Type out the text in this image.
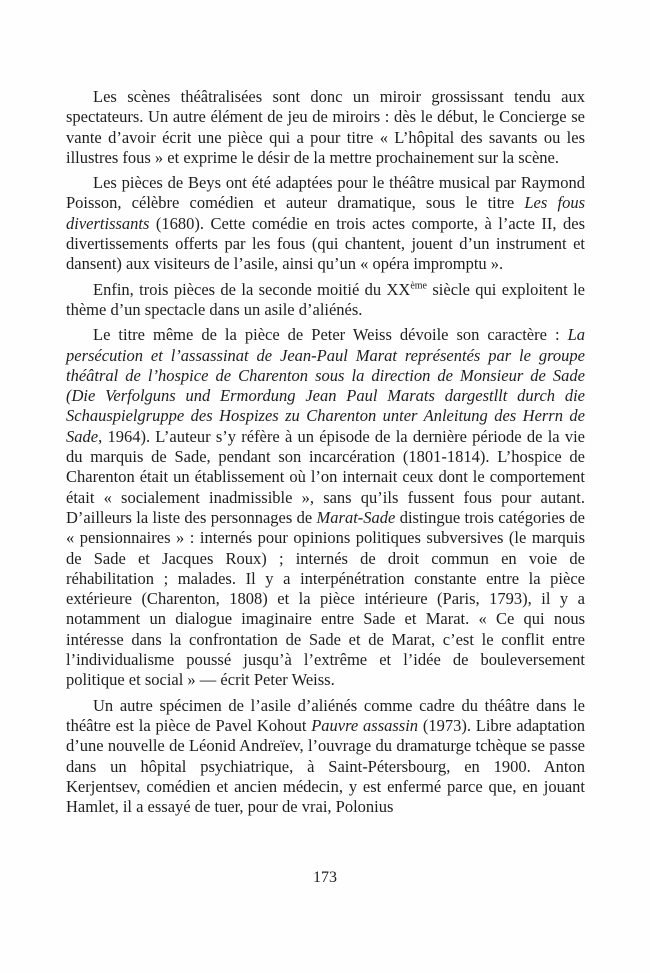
Les scènes théâtralisées sont donc un miroir grossissant tendu aux spectateurs. Un autre élément de jeu de miroirs : dès le début, le Concierge se vante d’avoir écrit une pièce qui a pour titre « L’hôpital des savants ou les illustres fous » et exprime le désir de la mettre prochainement sur la scène.

Les pièces de Beys ont été adaptées pour le théâtre musical par Raymond Poisson, célèbre comédien et auteur dramatique, sous le titre Les fous divertissants (1680). Cette comédie en trois actes comporte, à l’acte II, des divertissements offerts par les fous (qui chantent, jouent d’un instrument et dansent) aux visiteurs de l’asile, ainsi qu’un « opéra impromptu ».

Enfin, trois pièces de la seconde moitié du XXème siècle qui exploitent le thème d’un spectacle dans un asile d’aliénés.

Le titre même de la pièce de Peter Weiss dévoile son caractère : La persécution et l’assassinat de Jean-Paul Marat représentés par le groupe théâtral de l’hospice de Charenton sous la direction de Monsieur de Sade (Die Verfolguns und Ermordung Jean Paul Marats dargestllt durch die Schauspielgruppe des Hospizes zu Charenton unter Anleitung des Herrn de Sade, 1964). L’auteur s’y réfère à un épisode de la dernière période de la vie du marquis de Sade, pendant son incarcération (1801-1814). L’hospice de Charenton était un établissement où l’on internait ceux dont le comportement était « socialement inadmissible », sans qu’ils fussent fous pour autant. D’ailleurs la liste des personnages de Marat-Sade distingue trois catégories de « pensionnaires » : internés pour opinions politiques subversives (le marquis de Sade et Jacques Roux) ; internés de droit commun en voie de réhabilitation ; malades. Il y a interpénétration constante entre la pièce extérieure (Charenton, 1808) et la pièce intérieure (Paris, 1793), il y a notamment un dialogue imaginaire entre Sade et Marat. « Ce qui nous intéresse dans la confrontation de Sade et de Marat, c’est le conflit entre l’individualisme poussé jusqu’à l’extrême et l’idée de bouleversement politique et social » — écrit Peter Weiss.

Un autre spécimen de l’asile d’aliénés comme cadre du théâtre dans le théâtre est la pièce de Pavel Kohout Pauvre assassin (1973). Libre adaptation d’une nouvelle de Léonid Andreïev, l’ouvrage du dramaturge tchèque se passe dans un hôpital psychiatrique, à Saint-Pétersbourg, en 1900. Anton Kerjentsev, comédien et ancien médecin, y est enfermé parce que, en jouant Hamlet, il a essayé de tuer, pour de vrai, Polonius

173
